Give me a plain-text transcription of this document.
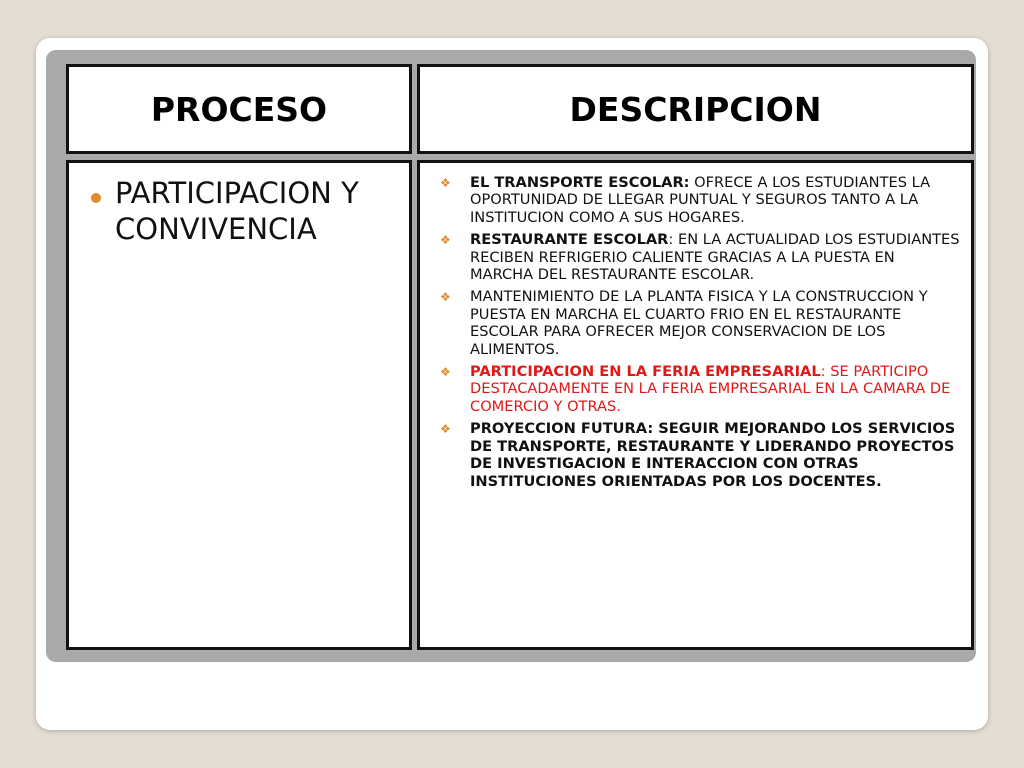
PROCESO	DESCRIPCION
PARTICIPACION Y CONVIVENCIA
❖ EL TRANSPORTE ESCOLAR: OFRECE A LOS ESTUDIANTES LA OPORTUNIDAD DE LLEGAR PUNTUAL Y SEGUROS TANTO A LA INSTITUCION COMO A SUS HOGARES.
❖ RESTAURANTE ESCOLAR: EN LA ACTUALIDAD LOS ESTUDIANTES RECIBEN REFRIGERIO CALIENTE GRACIAS A LA PUESTA EN MARCHA DEL RESTAURANTE ESCOLAR.
❖ MANTENIMIENTO DE LA PLANTA FISICA Y LA CONSTRUCCION Y PUESTA EN MARCHA EL CUARTO FRIO EN EL RESTAURANTE ESCOLAR PARA OFRECER MEJOR CONSERVACION DE LOS ALIMENTOS.
❖ PARTICIPACION EN LA FERIA EMPRESARIAL: SE PARTICIPO DESTACADAMENTE EN LA FERIA EMPRESARIAL EN LA CAMARA DE COMERCIO Y OTRAS.
❖ PROYECCION FUTURA: SEGUIR MEJORANDO LOS SERVICIOS DE TRANSPORTE, RESTAURANTE Y LIDERANDO PROYECTOS DE INVESTIGACION E INTERACCION CON OTRAS INSTITUCIONES ORIENTADAS POR LOS DOCENTES.
